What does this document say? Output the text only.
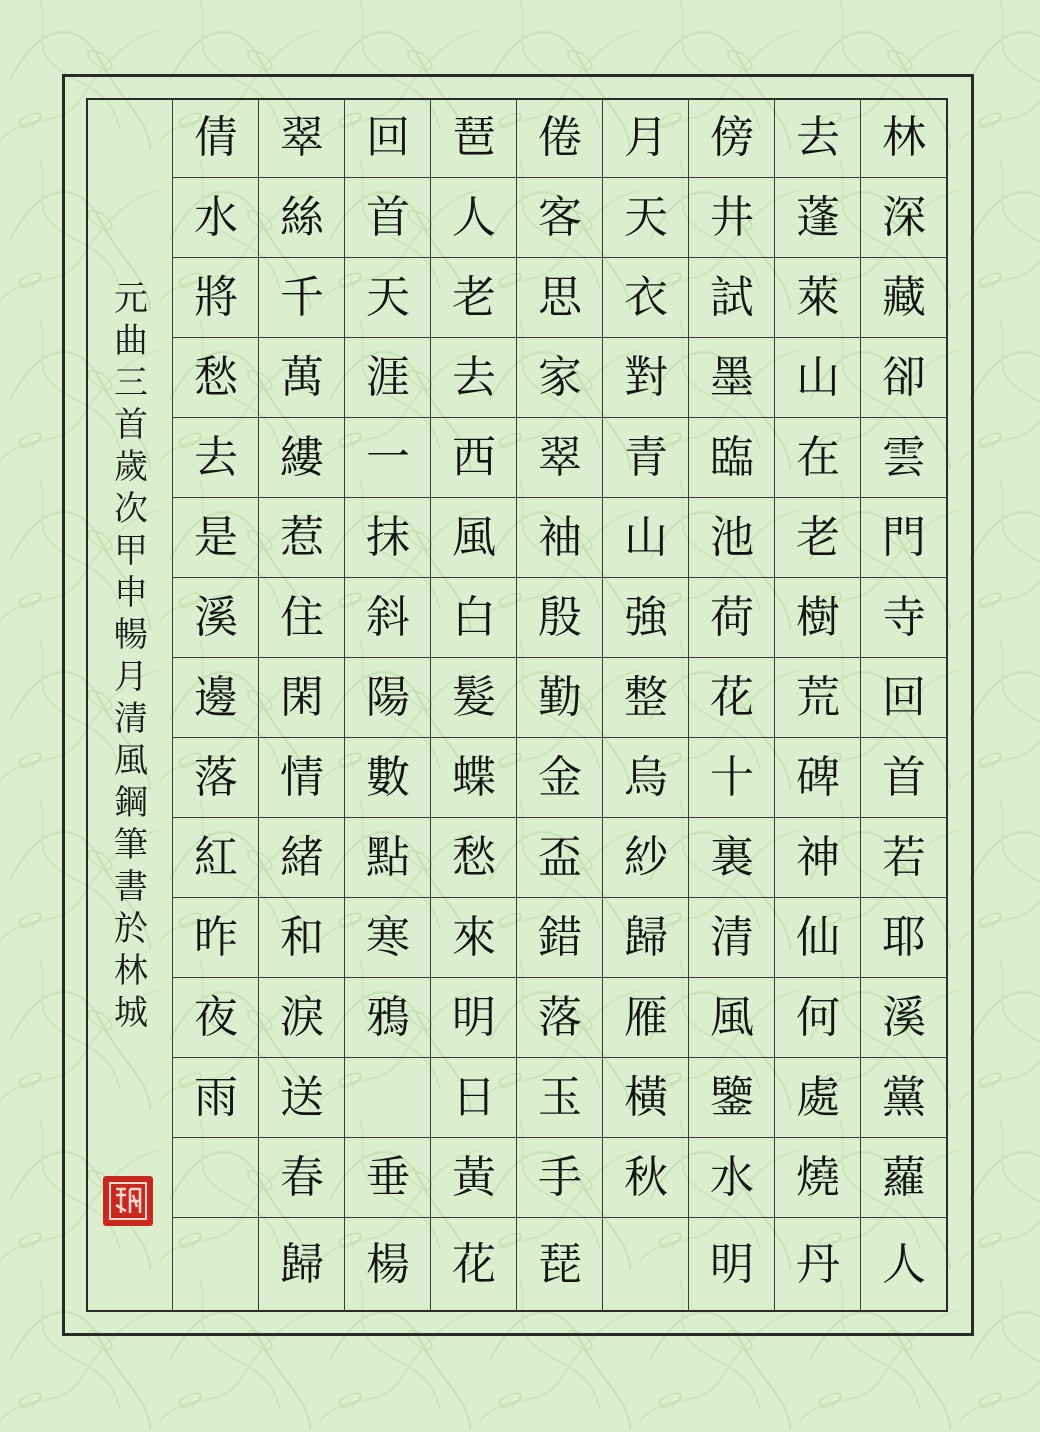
林
深
藏
卻
雲
門
寺
回
首
若
耶
溪
黨
蘿
人
去
蓬
萊
山
在
老
樹
荒
碑
神
仙
何
處
燒
丹
傍
井
試
墨
臨
池
荷
花
十
裏
清
風
鑒
水
明
月
天
衣
對
青
山
強
整
烏
紗
歸
雁
橫
秋
倦
客
思
家
翠
袖
殷
勤
金
盃
錯
落
玉
手
琵
琶
人
老
去
西
風
白
髮
蝶
愁
來
明
日
黃
花
回
首
天
涯
一
抹
斜
陽
數
點
寒
鴉
垂
楊
翠
絲
千
萬
縷
惹
住
閑
情
緒
和
淚
送
春
歸
倩
水
將
愁
去
是
溪
邊
落
紅
昨
夜
雨
元曲三首 歲次甲申 暢月清風鋼筆書於林城
